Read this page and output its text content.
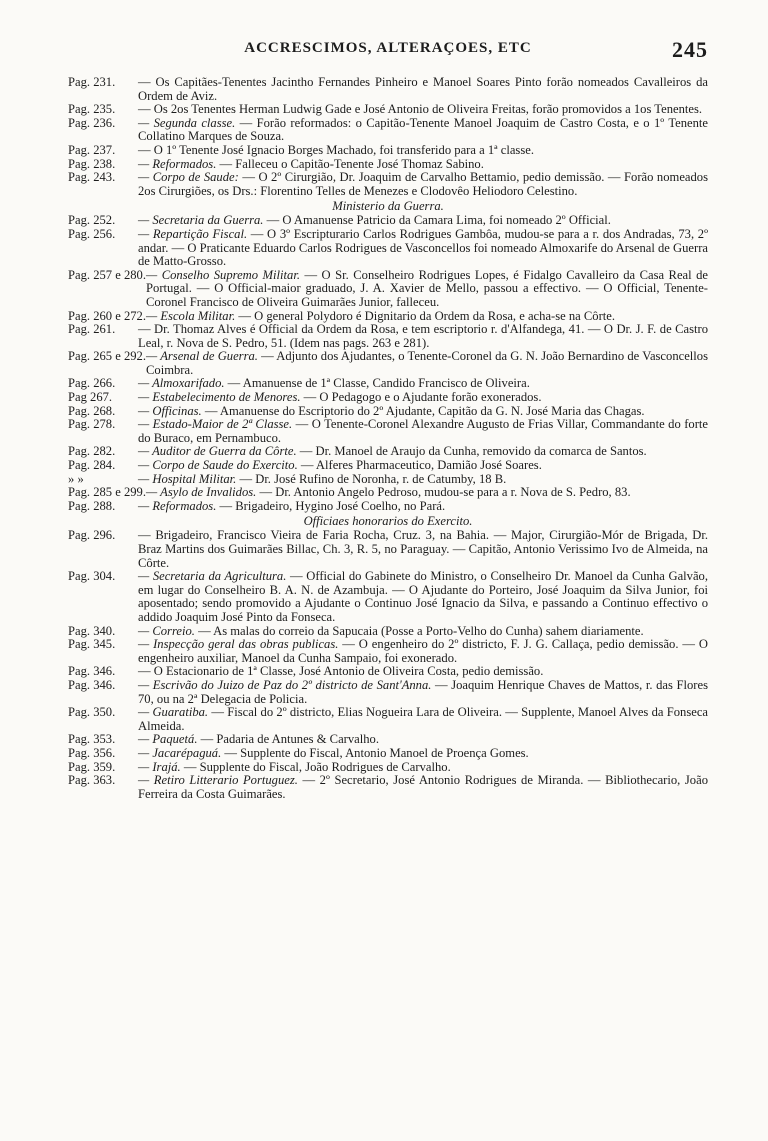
ACCRESCIMOS, ALTERAÇOES, ETC	245
Pag. 231.	— Os Capitães-Tenentes Jacintho Fernandes Pinheiro e Manoel Soares Pinto forão nomeados Cavalleiros da Ordem de Aviz.
Pag. 235.	— Os 2os Tenentes Herman Ludwig Gade e José Antonio de Oliveira Freitas, forão promovidos a 1os Tenentes.
Pag. 236.	— Segunda classe. — Forão reformados: o Capitão-Tenente Manoel Joaquim de Castro Costa, e o 1º Tenente Collatino Marques de Souza.
Pag. 237.	— O 1º Tenente José Ignacio Borges Machado, foi transferido para a 1ª classe.
Pag. 238.	— Reformados. — Falleceu o Capitão-Tenente José Thomaz Sabino.
Pag. 243.	— Corpo de Saude: — O 2º Cirurgião, Dr. Joaquim de Carvalho Bettamio, pedio demissão. — Forão nomeados 2os Cirurgiões, os Drs.: Florentino Telles de Menezes e Clodovêo Heliodoro Celestino.
Ministerio da Guerra.
Pag. 252.	— Secretaria da Guerra. — O Amanuense Patricio da Camara Lima, foi nomeado 2º Official.
Pag. 256.	— Repartição Fiscal. — O 3º Escripturario Carlos Rodrigues Gambôa, mudou-se para a r. dos Andradas, 73, 2º andar. — O Praticante Eduardo Carlos Rodrigues de Vasconcellos foi nomeado Almoxarife do Arsenal de Guerra de Matto-Grosso.
Pag. 257 e 280. — Conselho Supremo Militar. — O Sr. Conselheiro Rodrigues Lopes, é Fidalgo Cavalleiro da Casa Real de Portugal. — O Official-maior graduado, J. A. Xavier de Mello, passou a effectivo. — O Official, Tenente-Coronel Francisco de Oliveira Guimarães Junior, falleceu.
Pag. 260 e 272. — Escola Militar. — O general Polydoro é Dignitario da Ordem da Rosa, e acha-se na Côrte.
Pag. 261.	— Dr. Thomaz Alves é Official da Ordem da Rosa, e tem escriptorio r. d'Alfandega, 41. — O Dr. J. F. de Castro Leal, r. Nova de S. Pedro, 51. (Idem nas pags. 263 e 281).
Pag. 265 e 292. — Arsenal de Guerra. — Adjunto dos Ajudantes, o Tenente-Coronel da G. N. João Bernardino de Vasconcellos Coimbra.
Pag. 266.	— Almoxarifado. — Amanuense de 1ª Classe, Candido Francisco de Oliveira.
Pag 267.	— Estabelecimento de Menores. — O Pedagogo e o Ajudante forão exonerados.
Pag. 268.	— Officinas. — Amanuense do Escriptorio do 2º Ajudante, Capitão da G. N. José Maria das Chagas.
Pag. 278.	— Estado-Maior de 2ª Classe. — O Tenente-Coronel Alexandre Augusto de Frias Villar, Commandante do forte do Buraco, em Pernambuco.
Pag. 282.	— Auditor de Guerra da Côrte. — Dr. Manoel de Araujo da Cunha, removido da comarca de Santos.
Pag. 284.	— Corpo de Saude do Exercito. — Alferes Pharmaceutico, Damião José Soares.
» »	— Hospital Militar. — Dr. José Rufino de Noronha, r. de Catumby, 18 B.
Pag. 285 e 299. — Asylo de Invalidos. — Dr. Antonio Angelo Pedroso, mudou-se para a r. Nova de S. Pedro, 83.
Pag. 288.	— Reformados. — Brigadeiro, Hygino José Coelho, no Pará.
Officiaes honorarios do Exercito.
Pag. 296.	— Brigadeiro, Francisco Vieira de Faria Rocha, Cruz. 3, na Bahia. — Major, Cirurgião-Mór de Brigada, Dr. Braz Martins dos Guimarães Billac, Ch. 3, R. 5, no Paraguay. — Capitão, Antonio Verissimo Ivo de Almeida, na Côrte.
Pag. 304.	— Secretaria da Agricultura. — Official do Gabinete do Ministro, o Conselheiro Dr. Manoel da Cunha Galvão, em lugar do Conselheiro B. A. N. de Azambuja. — O Ajudante do Porteiro, José Joaquim da Silva Junior, foi aposentado; sendo promovido a Ajudante o Continuo José Ignacio da Silva, e passando a Continuo effectivo o addido Joaquim José Pinto da Fonseca.
Pag. 340.	— Correio. — As malas do correio da Sapucaia (Posse a Porto-Velho do Cunha) sahem diariamente.
Pag. 345.	— Inspecção geral das obras publicas. — O engenheiro do 2º districto, F. J. G. Callaça, pedio demissão. — O engenheiro auxiliar, Manoel da Cunha Sampaio, foi exonerado.
Pag. 346.	— O Estacionario de 1ª Classe, José Antonio de Oliveira Costa, pedio demissão.
Pag. 346.	— Escrivão do Juizo de Paz do 2º districto de Sant'Anna. — Joaquim Henrique Chaves de Mattos, r. das Flores 70, ou na 2ª Delegacia de Policia.
Pag. 350.	— Guaratiba. — Fiscal do 2º districto, Elias Nogueira Lara de Oliveira. — Supplente, Manoel Alves da Fonseca Almeida.
Pag. 353.	— Paquetá. — Padaria de Antunes & Carvalho.
Pag. 356.	— Jacarépaguá. — Supplente do Fiscal, Antonio Manoel de Proença Gomes.
Pag. 359.	— Irajá. — Supplente do Fiscal, João Rodrigues de Carvalho.
Pag. 363.	— Retiro Litterario Portuguez. — 2º Secretario, José Antonio Rodrigues de Miranda. — Bibliothecario, João Ferreira da Costa Guimarães.
